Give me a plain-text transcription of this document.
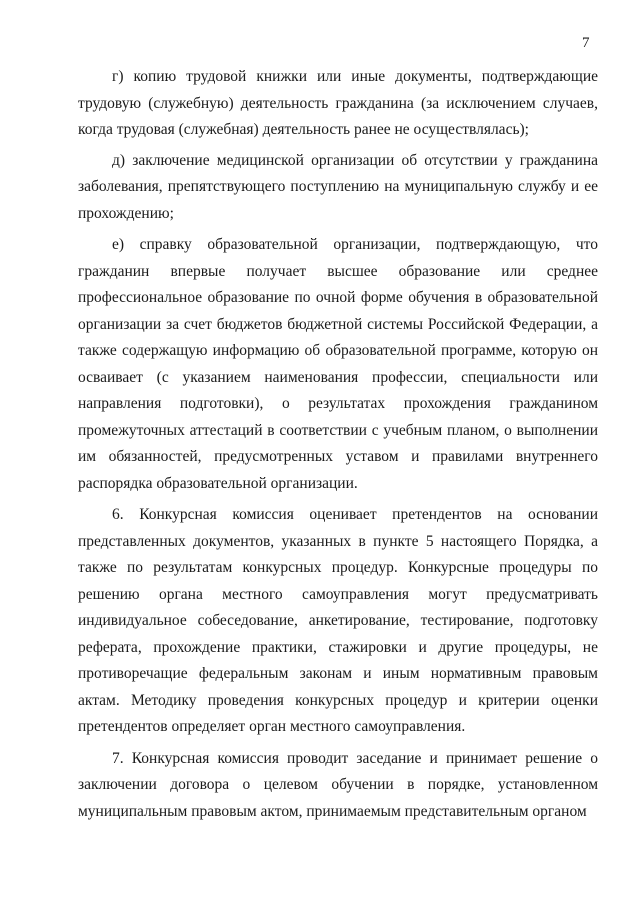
7

г) копию трудовой книжки или иные документы, подтверждающие трудовую (служебную) деятельность гражданина (за исключением случаев, когда трудовая (служебная) деятельность ранее не осуществлялась);

д) заключение медицинской организации об отсутствии у гражданина заболевания, препятствующего поступлению на муниципальную службу и ее прохождению;

е) справку образовательной организации, подтверждающую, что гражданин впервые получает высшее образование или среднее профессиональное образование по очной форме обучения в образовательной организации за счет бюджетов бюджетной системы Российской Федерации, а также содержащую информацию об образовательной программе, которую он осваивает (с указанием наименования профессии, специальности или направления подготовки), о результатах прохождения гражданином промежуточных аттестаций в соответствии с учебным планом, о выполнении им обязанностей, предусмотренных уставом и правилами внутреннего распорядка образовательной организации.

6. Конкурсная комиссия оценивает претендентов на основании представленных документов, указанных в пункте 5 настоящего Порядка, а также по результатам конкурсных процедур. Конкурсные процедуры по решению органа местного самоуправления могут предусматривать индивидуальное собеседование, анкетирование, тестирование, подготовку реферата, прохождение практики, стажировки и другие процедуры, не противоречащие федеральным законам и иным нормативным правовым актам. Методику проведения конкурсных процедур и критерии оценки претендентов определяет орган местного самоуправления.

7. Конкурсная комиссия проводит заседание и принимает решение о заключении договора о целевом обучении в порядке, установленном муниципальным правовым актом, принимаемым представительным органом
